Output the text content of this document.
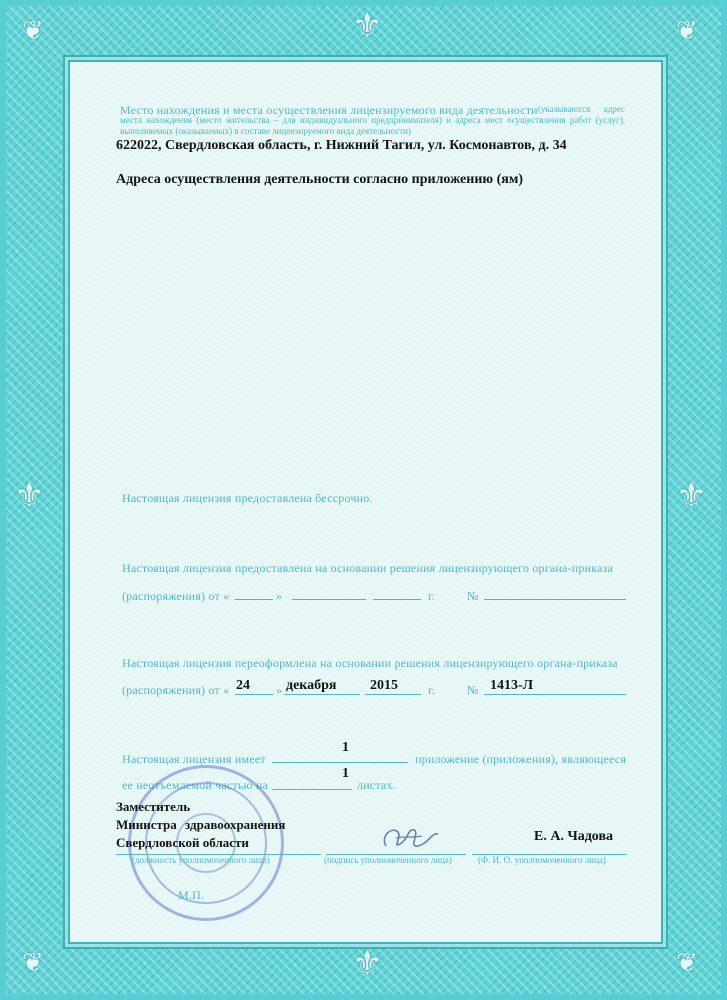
⚜
⚜
⚜	⚜
❦	❦
❦	❦
Место нахождения и места осуществления лицензируемого вида деятельности (указываются адрес места нахождения (место жительства – для индивидуального предпринимателя) и адреса мест осуществления работ (услуг), выполняемых (оказываемых) в составе лицензируемого вида деятельности)
622022, Свердловская область, г. Нижний Тагил, ул. Космонавтов, д. 34
Адреса осуществления деятельности согласно приложению (ям)
Настоящая лицензия предоставлена бессрочно.
Настоящая лицензия предоставлена на основании решения лицензирующего органа-приказа
(распоряжения) от «	»	г.	№
Настоящая лицензия переоформлена на основании решения лицензирующего органа-приказа
(распоряжения) от « 24 » декабря 2015	г.	№ 1413-Л
Настоящая лицензия имеет
1
приложение (приложения), являющееся
ее неотъемлемой частью на
1
листах.
Заместитель
Министра здравоохранения
Свердловской области	Е. А. Чадова
(должность уполномоченного лица)	(подпись уполномоченного лица)	(Ф. И. О. уполномоченного лица)
М.П.
